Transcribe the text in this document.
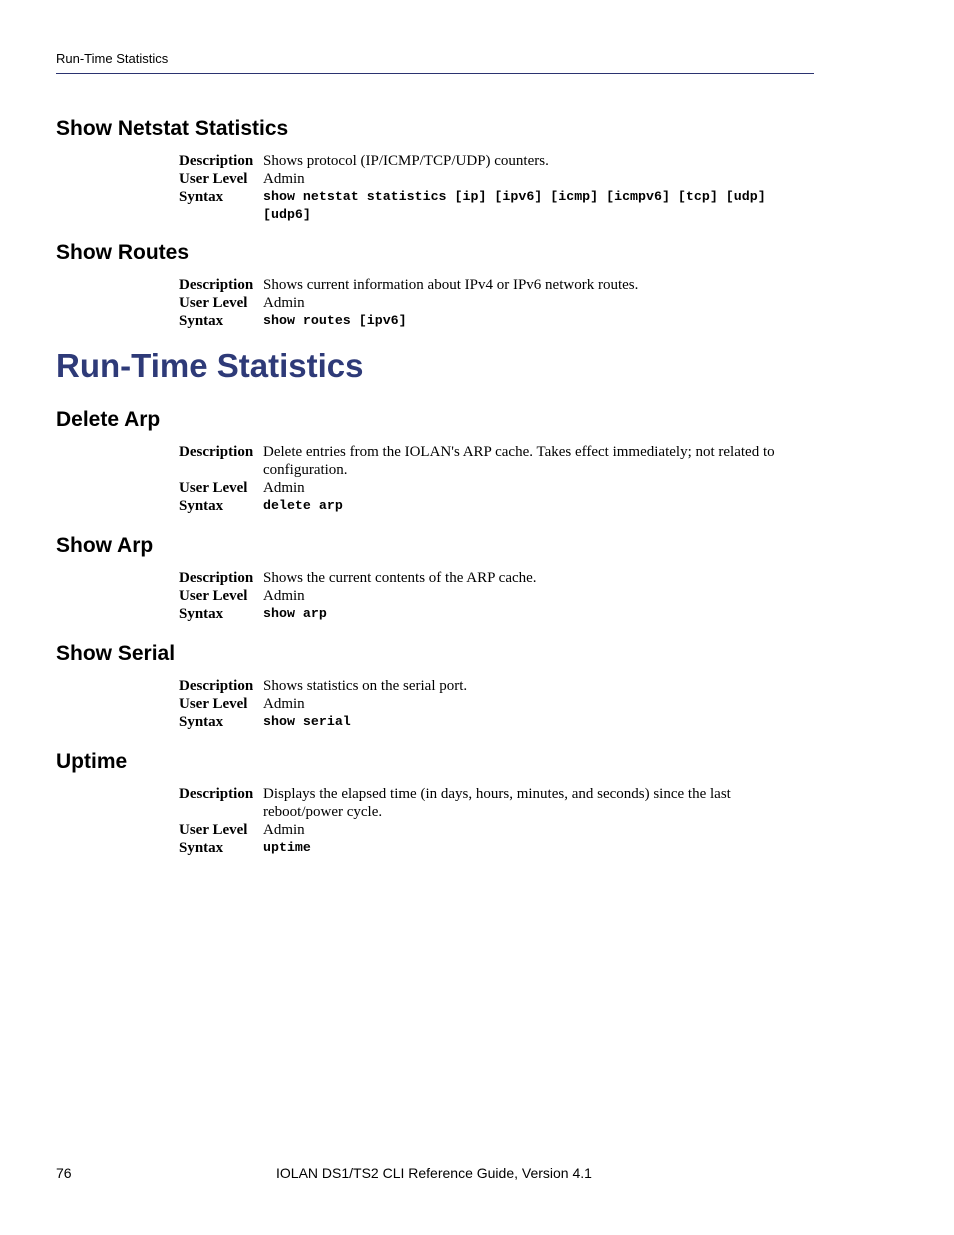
Run-Time Statistics
Show Netstat Statistics
Description Shows protocol (IP/ICMP/TCP/UDP) counters.
User Level	Admin
Syntax	show netstat statistics [ip] [ipv6] [icmp] [icmpv6] [tcp] [udp] [udp6]
Show Routes
Description Shows current information about IPv4 or IPv6 network routes.
User Level	Admin
Syntax	show routes [ipv6]
Run-Time Statistics
Delete Arp
Description Delete entries from the IOLAN's ARP cache. Takes effect immediately; not related to configuration.
User Level	Admin
Syntax	delete arp
Show Arp
Description Shows the current contents of the ARP cache.
User Level	Admin
Syntax	show arp
Show Serial
Description Shows statistics on the serial port.
User Level	Admin
Syntax	show serial
Uptime
Description Displays the elapsed time (in days, hours, minutes, and seconds) since the last reboot/power cycle.
User Level	Admin
Syntax	uptime
76	IOLAN DS1/TS2 CLI Reference Guide, Version 4.1
